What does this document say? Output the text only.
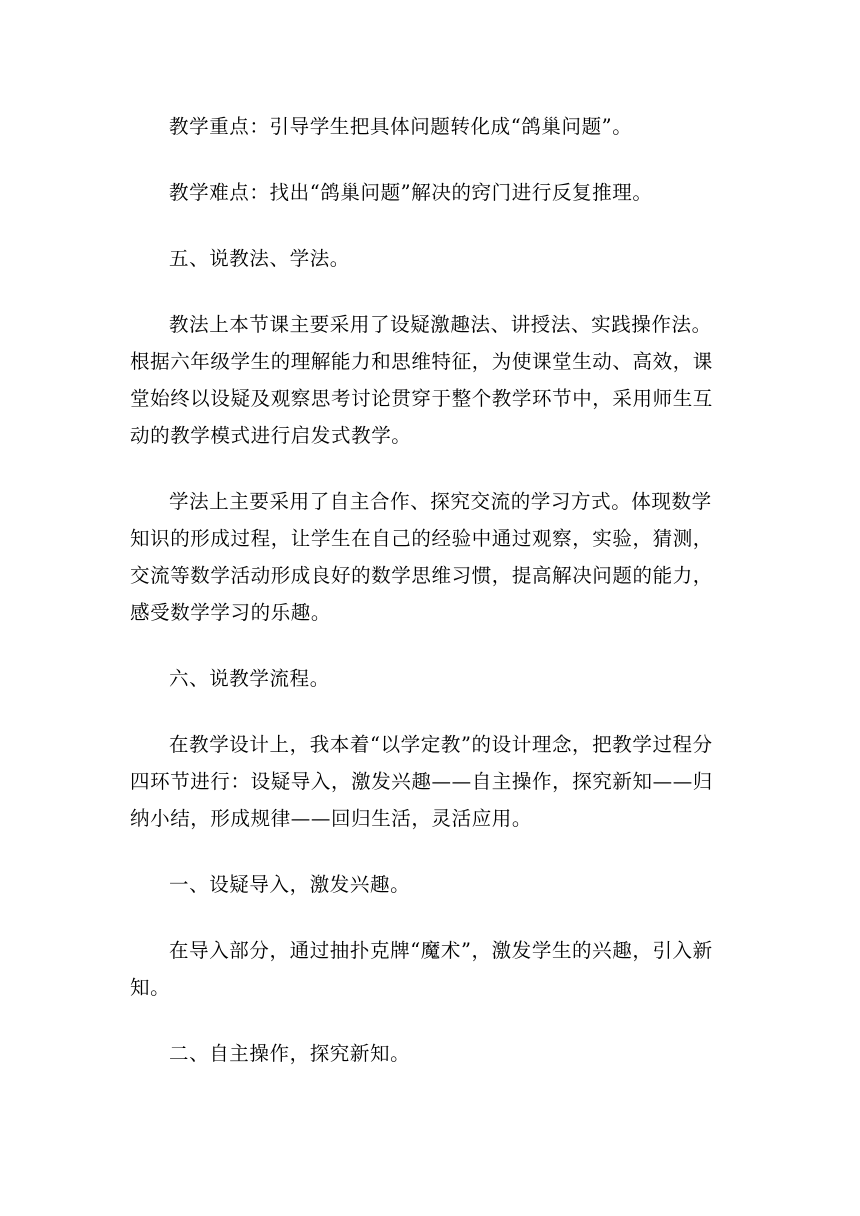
教学重点：引导学生把具体问题转化成“鸽巢问题”。

教学难点：找出“鸽巢问题”解决的窍门进行反复推理。

五、说教法、学法。

教法上本节课主要采用了设疑激趣法、讲授法、实践操作法。根据六年级学生的理解能力和思维特征，为使课堂生动、高效，课堂始终以设疑及观察思考讨论贯穿于整个教学环节中，采用师生互动的教学模式进行启发式教学。

学法上主要采用了自主合作、探究交流的学习方式。体现数学知识的形成过程，让学生在自己的经验中通过观察，实验，猜测，交流等数学活动形成良好的数学思维习惯，提高解决问题的能力，感受数学学习的乐趣。

六、说教学流程。

在教学设计上，我本着“以学定教”的设计理念，把教学过程分四环节进行：设疑导入，激发兴趣——自主操作，探究新知——归纳小结，形成规律——回归生活，灵活应用。

一、设疑导入，激发兴趣。

在导入部分，通过抽扑克牌“魔术”，激发学生的兴趣，引入新知。

二、自主操作，探究新知。
